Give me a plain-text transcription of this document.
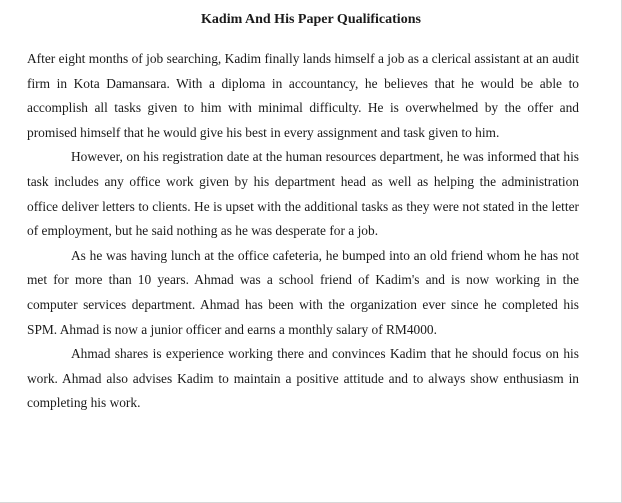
Kadim And His Paper Qualifications

After eight months of job searching, Kadim finally lands himself a job as a clerical assistant at an audit firm in Kota Damansara. With a diploma in accountancy, he believes that he would be able to accomplish all tasks given to him with minimal difficulty. He is overwhelmed by the offer and promised himself that he would give his best in every assignment and task given to him.

However, on his registration date at the human resources department, he was informed that his task includes any office work given by his department head as well as helping the administration office deliver letters to clients. He is upset with the additional tasks as they were not stated in the letter of employment, but he said nothing as he was desperate for a job.

As he was having lunch at the office cafeteria, he bumped into an old friend whom he has not met for more than 10 years. Ahmad was a school friend of Kadim's and is now working in the computer services department. Ahmad has been with the organization ever since he completed his SPM. Ahmad is now a junior officer and earns a monthly salary of RM4000.

Ahmad shares is experience working there and convinces Kadim that he should focus on his work. Ahmad also advises Kadim to maintain a positive attitude and to always show enthusiasm in completing his work.
